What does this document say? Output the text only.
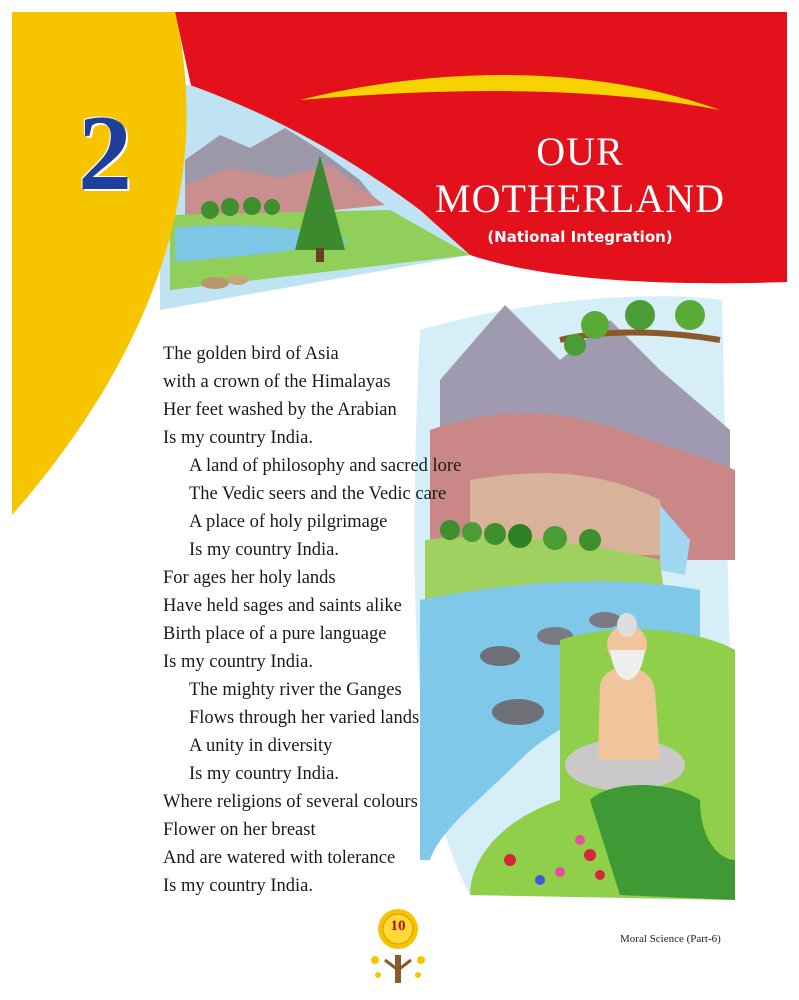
2	OUR
MOTHERLAND
(National Integration)
The golden bird of Asia
with a crown of the Himalayas
Her feet washed by the Arabian
Is my country India.
A land of philosophy and sacred lore
The Vedic seers and the Vedic care
A place of holy pilgrimage
Is my country India.
For ages her holy lands
Have held sages and saints alike
Birth place of a pure language
Is my country India.
The mighty river the Ganges
Flows through her varied lands
A unity in diversity
Is my country India.
Where religions of several colours
Flower on her breast
And are watered with tolerance
Is my country India.
10
Moral Science (Part-6)
